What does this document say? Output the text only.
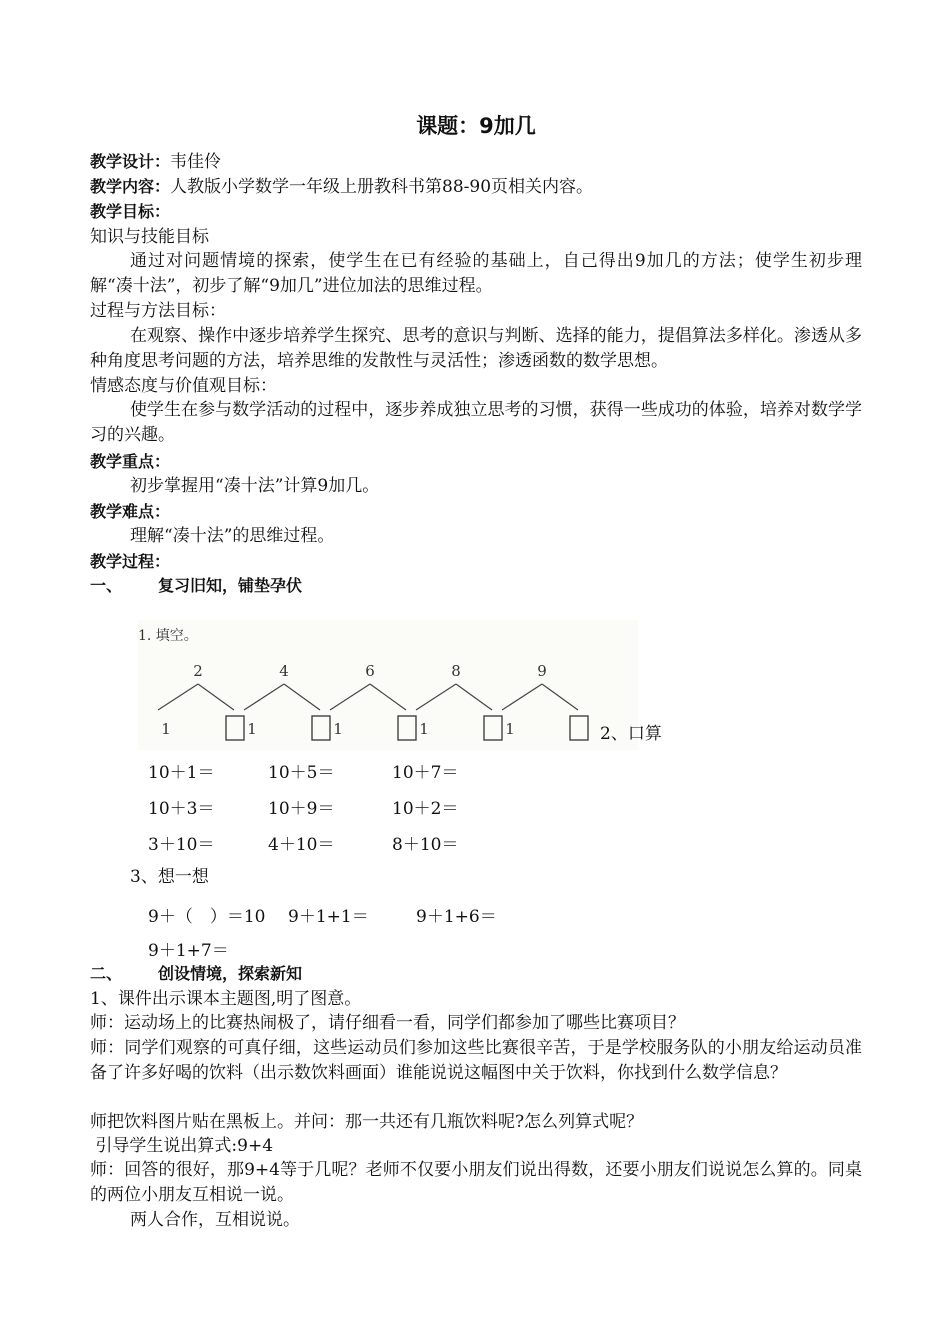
课题：9加几
教学设计：韦佳伶
教学内容：人教版小学数学一年级上册教科书第88-90页相关内容。
教学目标：
知识与技能目标
通过对问题情境的探索，使学生在已有经验的基础上，自己得出9加几的方法；使学生初步理解“凑十法”，初步了解“9加几”进位加法的思维过程。
过程与方法目标：
在观察、操作中逐步培养学生探究、思考的意识与判断、选择的能力，提倡算法多样化。渗透从多种角度思考问题的方法，培养思维的发散性与灵活性；渗透函数的数学思想。
情感态度与价值观目标：
使学生在参与数学活动的过程中，逐步养成独立思考的习惯，获得一些成功的体验，培养对数学学习的兴趣。
教学重点：
初步掌握用“凑十法”计算9加几。
教学难点：
理解“凑十法”的思维过程。
教学过程：
一、 复习旧知，铺垫孕伏
1. 填空。
2
1
4
1
6
1
8
1
9
1	2、口算
10＋1＝	10＋5＝	10＋7＝
10＋3＝	10＋9＝	10＋2＝
3＋10＝	4＋10＝	8＋10＝
3、想一想
9＋（　）＝10 9＋1+1＝	9＋1+6＝
9＋1+7＝
二、 创设情境，探索新知
1、课件出示课本主题图,明了图意。
师：运动场上的比赛热闹极了，请仔细看一看，同学们都参加了哪些比赛项目？
师：同学们观察的可真仔细，这些运动员们参加这些比赛很辛苦，于是学校服务队的小朋友给运动员准备了许多好喝的饮料（出示数饮料画面）谁能说说这幅图中关于饮料，你找到什么数学信息？
师把饮料图片贴在黑板上。并问：那一共还有几瓶饮料呢?怎么列算式呢？
引导学生说出算式:9+4
师：回答的很好，那9+4等于几呢？老师不仅要小朋友们说出得数，还要小朋友们说说怎么算的。同桌的两位小朋友互相说一说。
两人合作，互相说说。
